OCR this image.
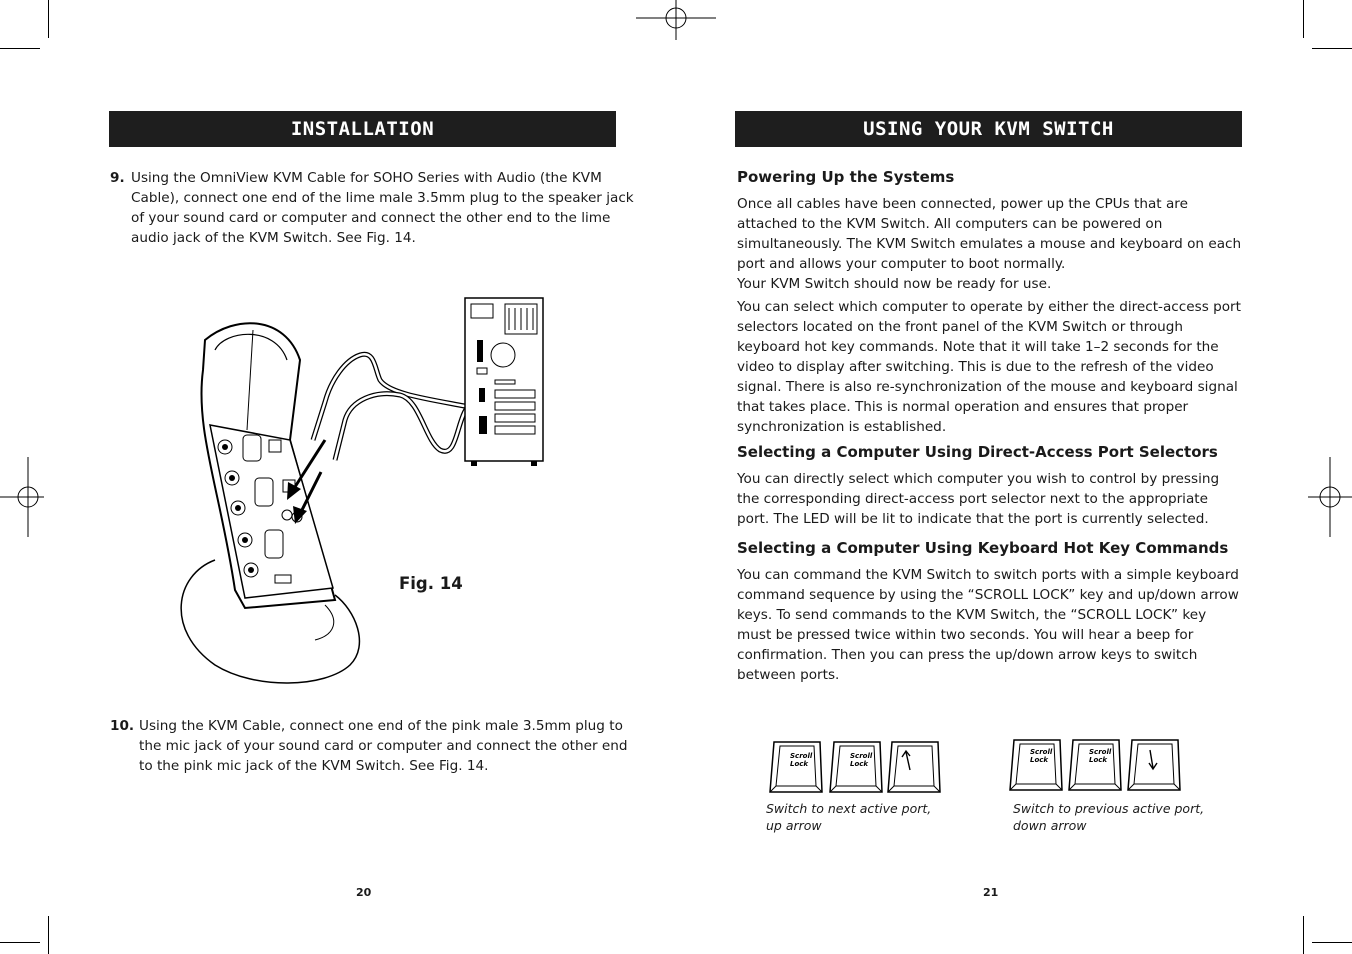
INSTALLATION
9. Using the OmniView KVM Cable for SOHO Series with Audio (the KVM Cable), connect one end of the lime male 3.5mm plug to the speaker jack of your sound card or computer and connect the other end to the lime audio jack of the KVM Switch. See Fig. 14.
Fig. 14
10. Using the KVM Cable, connect one end of the pink male 3.5mm plug to the mic jack of your sound card or computer and connect the other end to the pink mic jack of the KVM Switch. See Fig. 14.
20
USING YOUR KVM SWITCH
Powering Up the Systems
Once all cables have been connected, power up the CPUs that are attached to the KVM Switch. All computers can be powered on simultaneously. The KVM Switch emulates a mouse and keyboard on each port and allows your computer to boot normally.
Your KVM Switch should now be ready for use.
You can select which computer to operate by either the direct-access port selectors located on the front panel of the KVM Switch or through keyboard hot key commands. Note that it will take 1–2 seconds for the video to display after switching. This is due to the refresh of the video signal. There is also re-synchronization of the mouse and keyboard signal that takes place. This is normal operation and ensures that proper synchronization is established.
Selecting a Computer Using Direct-Access Port Selectors
You can directly select which computer you wish to control by pressing the corresponding direct-access port selector next to the appropriate port. The LED will be lit to indicate that the port is currently selected.
Selecting a Computer Using Keyboard Hot Key Commands
You can command the KVM Switch to switch ports with a simple keyboard command sequence by using the “SCROLL LOCK” key and up/down arrow keys. To send commands to the KVM Switch, the “SCROLL LOCK” key must be pressed twice within two seconds. You will hear a beep for confirmation. Then you can press the up/down arrow keys to switch between ports.
Scroll
Lock
Scroll
Lock
Scroll
Lock
Scroll
Lock
Switch to next active port,
up arrow
Switch to previous active port,
down arrow
21
